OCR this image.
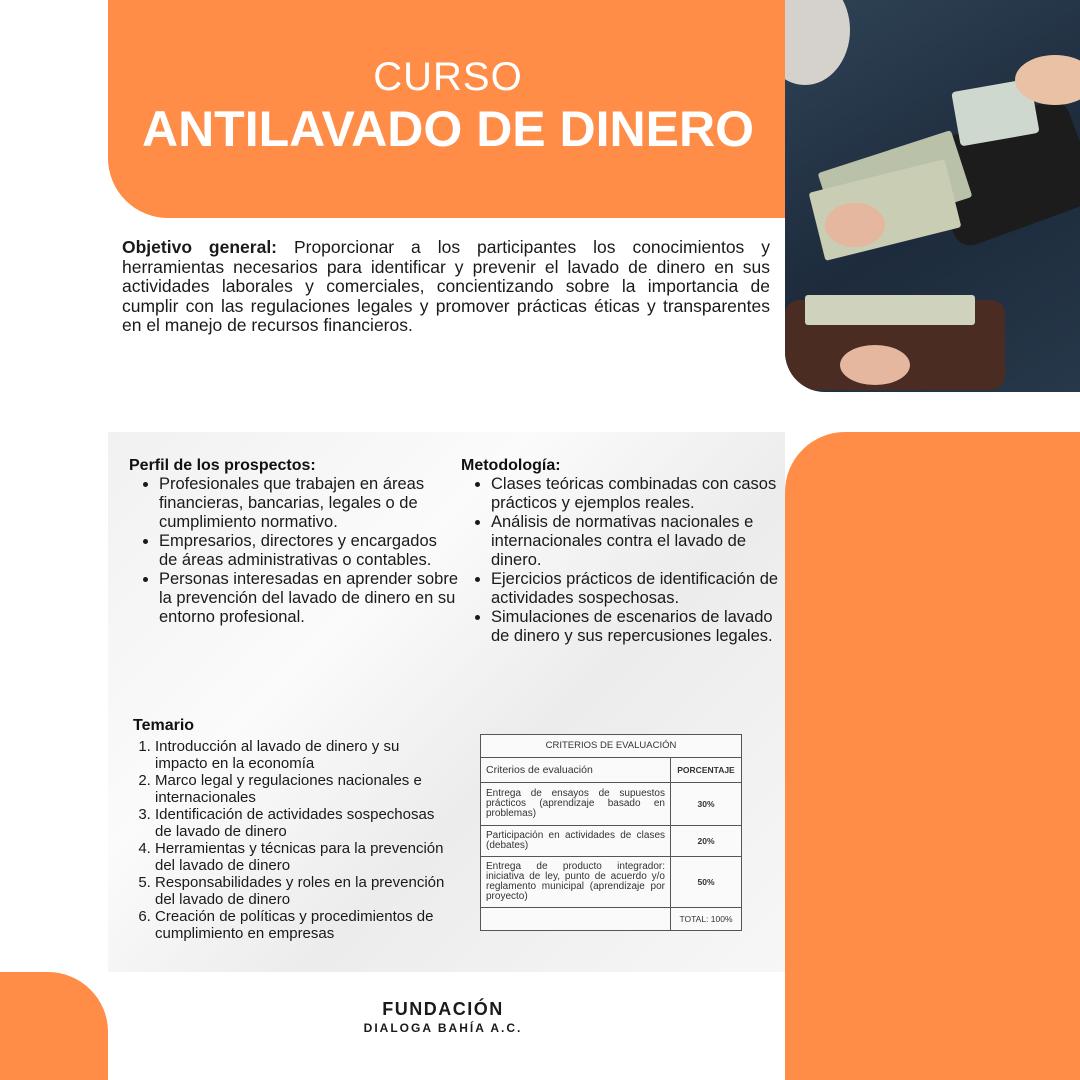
CURSO
ANTILAVADO DE DINERO
Objetivo general: Proporcionar a los participantes los conocimientos y herramientas necesarios para identificar y prevenir el lavado de dinero en sus actividades laborales y comerciales, concientizando sobre la importancia de cumplir con las regulaciones legales y promover prácticas éticas y transparentes en el manejo de recursos financieros.
Perfil de los prospectos:
• Profesionales que trabajen en áreas financieras, bancarias, legales o de cumplimiento normativo.
• Empresarios, directores y encargados de áreas administrativas o contables.
• Personas interesadas en aprender sobre la prevención del lavado de dinero en su entorno profesional.
Metodología:
• Clases teóricas combinadas con casos prácticos y ejemplos reales.
• Análisis de normativas nacionales e internacionales contra el lavado de dinero.
• Ejercicios prácticos de identificación de actividades sospechosas.
• Simulaciones de escenarios de lavado de dinero y sus repercusiones legales.
Temario
1. Introducción al lavado de dinero y su impacto en la economía
2. Marco legal y regulaciones nacionales e internacionales
3. Identificación de actividades sospechosas de lavado de dinero
4. Herramientas y técnicas para la prevención del lavado de dinero
5. Responsabilidades y roles en la prevención del lavado de dinero
6. Creación de políticas y procedimientos de cumplimiento en empresas
CRITERIOS DE EVALUACIÓN	
Criterios de evaluación	PORCENTAJE
Entrega de ensayos de supuestos prácticos (aprendizaje basado en problemas)	30%
Participación en actividades de clases (debates)	20%
Entrega de producto integrador: iniciativa de ley, punto de acuerdo y/o reglamento municipal (aprendizaje por proyecto)	50%
	TOTAL: 100%
FUNDACIÓN
DIALOGA BAHÍA A.C.
